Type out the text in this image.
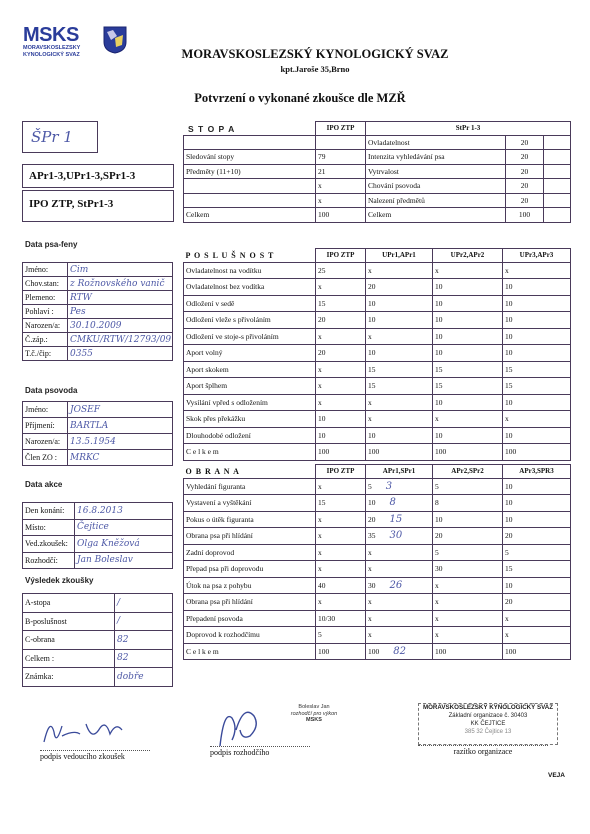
MSKS
MORAVSKOSLEZSKY
KYNOLOGICKÝ SVAZ	MORAVSKOSLEZSKÝ KYNOLOGICKÝ SVAZ
kpt.Jaroše 35,Brno
Potvrzení o vykonané zkoušce dle MZŘ
ŠPr 1
APr1-3,UPr1-3,SPr1-3
IPO ZTP, StPr1-3
Data psa-feny
Jméno:	Cim
Chov.stan:	z Rožnovského vanič
Plemeno:	RTW
Pohlaví :	Pes
Narozen/a:	30.10.2009
Č.záp.:	CMKU/RTW/12793/09
T.č./čip:	0355
Data psovoda
Jméno:	JOSEF
Příjmení:	BARTLA
Narozen/a:	13.5.1954
Člen ZO :	MRKC
Data akce
Den konání:	16.8.2013
Místo:	Čejtice
Ved.zkoušek:	Olga Kněžová
Rozhodčí:	Jan Boleslav
Výsledek zkoušky
A-stopa	/
B-poslušnost	/
C-obrana	82
Celkem :	82
Známka:	dobře
S T O P A
		IPO ZTP	StPr 1-3		
		Ovladatelnost	20	
Sledování stopy	79	Intenzita vyhledávání psa	20	
Předměty (11+10)	21	Vytrvalost	20	
	x	Chování psovoda	20	
	x	Nalezení předmětů	20	
Celkem	100	Celkem	100	
P O S L U Š N O S T	IPO ZTP	UPr1,APr1	UPr2,APr2	UPr3,APr3
Ovladatelnost na vodítku	25	x	x	x
Ovladatelnost bez vodítka	x	20	10	10
Odložení v sedě	15	10	10	10
Odložení vleže s přivoláním	20	10	10	10
Odložení ve stoje-s přivoláním	x	x	10	10
Aport volný	20	10	10	10
Aport skokem	x	15	15	15
Aport šplhem	x	15	15	15
Vysílání vpřed s odložením	x	x	10	10
Skok přes překážku	10	x	x	x
Dlouhodobé odložení	10	10	10	10
C e l k e m	100	100	100	100
O B R A N A	IPO ZTP	APr1,SPr1	APr2,SPr2	APr3,SPR3
Vyhledání figuranta	x	5 3	5	10
Vystavení a vyštěkání	15	10 8	8	10
Pokus o útěk figuranta	x	20 15	10	10
Obrana psa při hlídání	x	35 30	20	20
Zadní doprovod	x	x	5	5
Přepad psa při doprovodu	x	x	30	15
Útok na psa z pohybu	40	30 26	x	10
Obrana psa při hlídání	x	x	x	20
Přepadení psovoda	10/30	x	x	x
Doprovod k rozhodčímu	5	x	x	x
C e l k e m	100	100 82	100	100
podpis vedoucího zkoušek	podpis rozhodčího
Boleslav Jan
rozhodčí pro výkon
MSKS
MORAVSKOSLEZSKÝ KYNOLOGICKÝ SVAZ
Základní organizace č. 30403
KK ČEJTICE
385 32 Čejtice 13
razítko organizace
VEJA
